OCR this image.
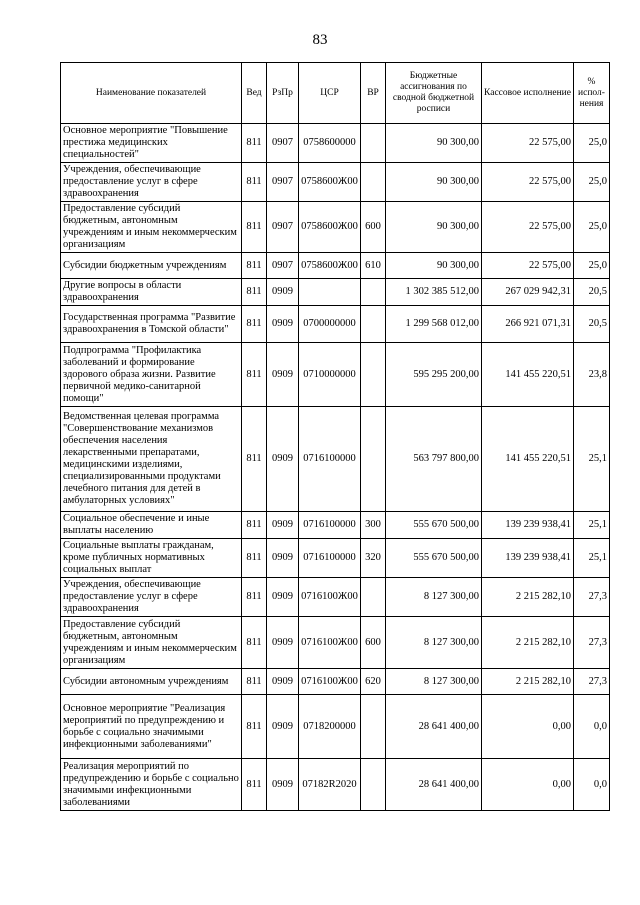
83
Наименование показателей	Вед	РзПр	ЦСР	ВР	Бюджетные ассигнования по сводной бюджетной росписи	Кассовое исполнение	% испол-нения
Основное мероприятие "Повышение престижа медицинских специальностей"	811	0907	0758600000		90 300,00	22 575,00	25,0
Учреждения, обеспечивающие предоставление услуг в сфере здравоохранения	811	0907	0758600Ж00		90 300,00	22 575,00	25,0
Предоставление субсидий бюджетным, автономным учреждениям и иным некоммерческим организациям	811	0907	0758600Ж00	600	90 300,00	22 575,00	25,0
Субсидии бюджетным учреждениям	811	0907	0758600Ж00	610	90 300,00	22 575,00	25,0
Другие вопросы в области здравоохранения	811	0909			1 302 385 512,00	267 029 942,31	20,5
Государственная программа "Развитие здравоохранения в Томской области"	811	0909	0700000000		1 299 568 012,00	266 921 071,31	20,5
Подпрограмма "Профилактика заболеваний и формирование здорового образа жизни. Развитие первичной медико-санитарной помощи"	811	0909	0710000000		595 295 200,00	141 455 220,51	23,8
Ведомственная целевая программа "Совершенствование механизмов обеспечения населения лекарственными препаратами, медицинскими изделиями, специализированными продуктами лечебного питания для детей в амбулаторных условиях"	811	0909	0716100000		563 797 800,00	141 455 220,51	25,1
Социальное обеспечение и иные выплаты населению	811	0909	0716100000	300	555 670 500,00	139 239 938,41	25,1
Социальные выплаты гражданам, кроме публичных нормативных социальных выплат	811	0909	0716100000	320	555 670 500,00	139 239 938,41	25,1
Учреждения, обеспечивающие предоставление услуг в сфере здравоохранения	811	0909	0716100Ж00		8 127 300,00	2 215 282,10	27,3
Предоставление субсидий бюджетным, автономным учреждениям и иным некоммерческим организациям	811	0909	0716100Ж00	600	8 127 300,00	2 215 282,10	27,3
Субсидии автономным учреждениям	811	0909	0716100Ж00	620	8 127 300,00	2 215 282,10	27,3
Основное мероприятие "Реализация мероприятий по предупреждению и борьбе с социально значимыми инфекционными заболеваниями"	811	0909	0718200000		28 641 400,00	0,00	0,0
Реализация мероприятий по предупреждению и борьбе с социально значимыми инфекционными заболеваниями	811	0909	07182R2020		28 641 400,00	0,00	0,0
